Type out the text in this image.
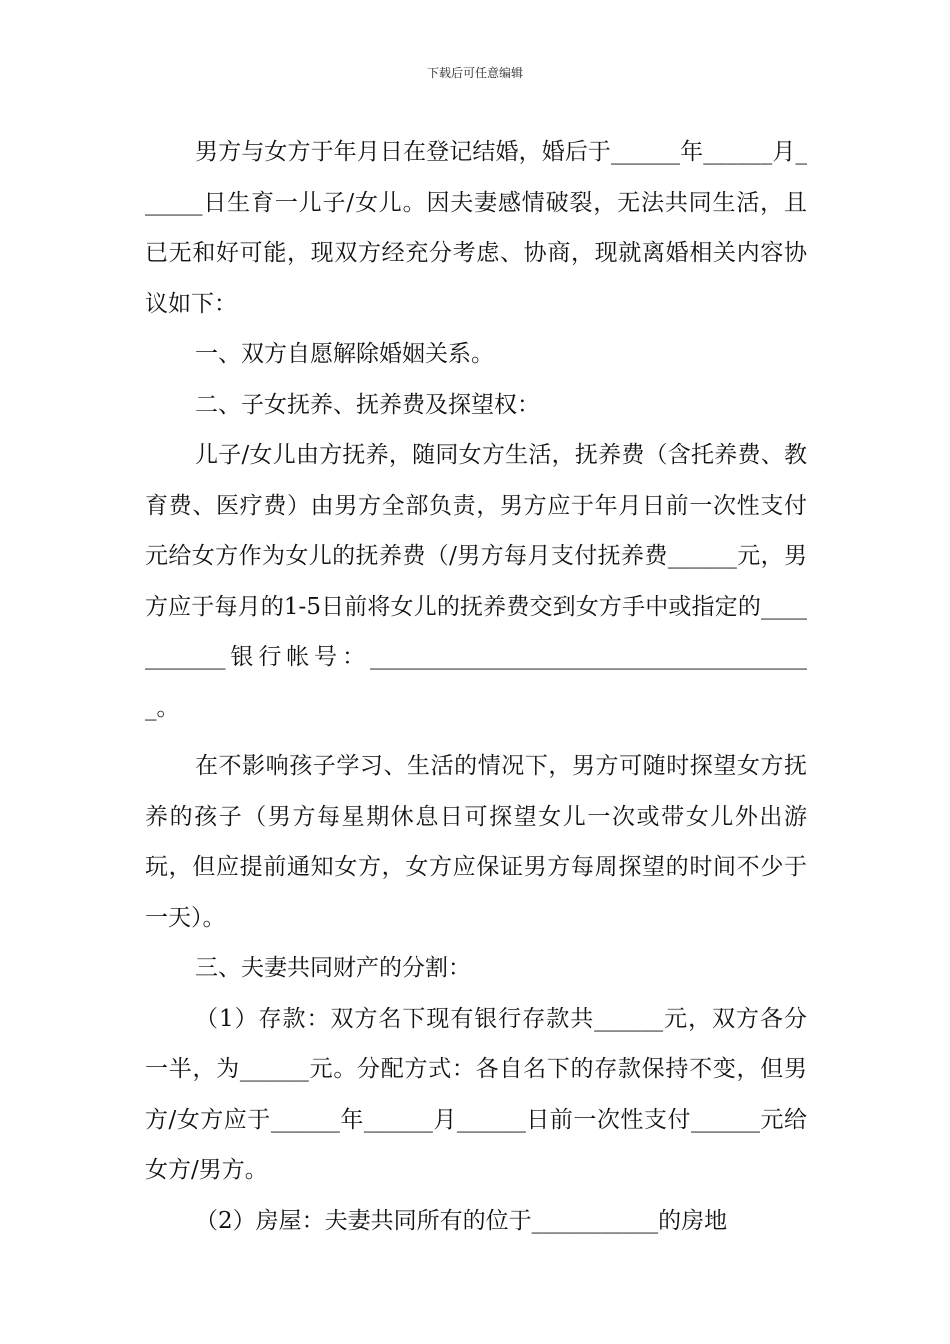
下载后可任意编辑

男方与女方于年月日在登记结婚，婚后于______年______月______日生育一儿子/女儿。因夫妻感情破裂，无法共同生活，且已无和好可能，现双方经充分考虑、协商，现就离婚相关内容协议如下：

一、双方自愿解除婚姻关系。

二、子女抚养、抚养费及探望权：

儿子/女儿由方抚养，随同女方生活，抚养费（含托养费、教育费、医疗费）由男方全部负责，男方应于年月日前一次性支付元给女方作为女儿的抚养费（/男方每月支付抚养费______元，男方应于每月的1-5日前将女儿的抚养费交到女方手中或指定的___________银行帐号：_______________________________________。

在不影响孩子学习、生活的情况下，男方可随时探望女方抚养的孩子（男方每星期休息日可探望女儿一次或带女儿外出游玩，但应提前通知女方，女方应保证男方每周探望的时间不少于一天）。

三、夫妻共同财产的分割：

（1）存款：双方名下现有银行存款共______元，双方各分一半，为______元。分配方式：各自名下的存款保持不变，但男方/女方应于______年______月______日前一次性支付______元给女方/男方。

（2）房屋：夫妻共同所有的位于___________的房地
